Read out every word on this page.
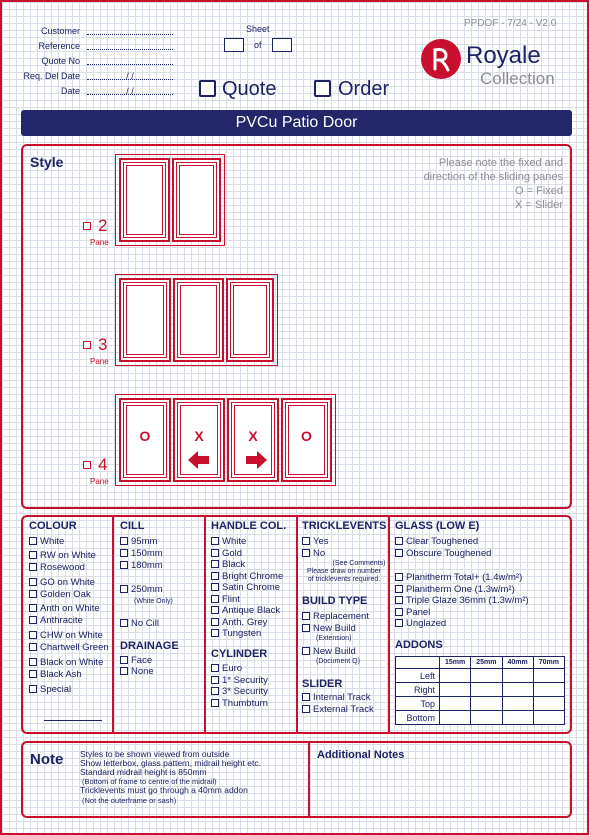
Sheet
of
Quote	Order
PPDOF - 7/24 - V2.0
Royale
Collection
PVCu Patio Door
Style	Please note the fixed and
direction of the sliding panes
O = Fixed
X = Slider
2
Pane
3
Pane
O	X	X	O
4
Pane
COLOUR	CILL
(White Only)
DRAINAGE
HANDLE COL.
CYLINDER
TRICKLEVENTS
(See Comments)
Please draw on number
of tricklevents required.
BUILD TYPE
SLIDER
GLASS (LOW E)
ADDONS
	15mm	25mm	40mm	70mm
Left				
Right				
Top				
Bottom				
Note	Additional Notes
Customer
Reference
Quote No
Req. Del Date	/ /
Date	/ /
White
RW on White
Rosewood
GO on White
Golden Oak
Anth on White
Anthracite
CHW on White
Chartwell Green
Black on White
Black Ash
Special
95mm
150mm
180mm
250mm
No Cill
Face
None
White
Gold
Black
Bright Chrome
Satin Chrome
Flint
Antique Black
Anth. Grey
Tungsten
Euro
1* Security
3* Security
Thumbturn
Yes
No
Replacement
New Build
(Extension)
New Build
(Document Q)
Internal Track
External Track
Clear Toughened
Obscure Toughened
Planitherm Total+ (1.4w/m²)
Planitherm One (1.3w/m²)
Triple Glaze 36mm (1.3w/m²)
Panel
Unglazed
Styles to be shown viewed from outside
Show letterbox, glass pattern, midrail height etc.
Standard midrail height is 850mm
(Bottom of frame to centre of the midrail)
Tricklevents must go through a 40mm addon
(Not the outerframe or sash)
